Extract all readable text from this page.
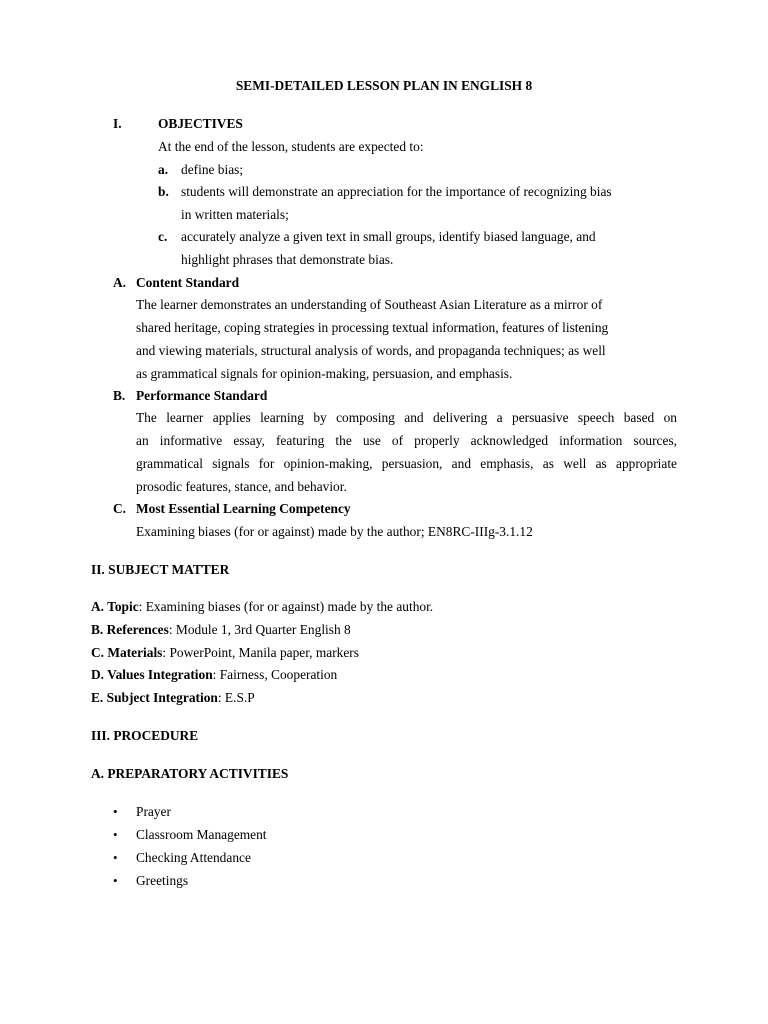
SEMI-DETAILED LESSON PLAN IN ENGLISH 8
I.	OBJECTIVES
At the end of the lesson, students are expected to:
a. define bias;
b. students will demonstrate an appreciation for the importance of recognizing bias
in written materials;
c. accurately analyze a given text in small groups, identify biased language, and
highlight phrases that demonstrate bias.
A. Content Standard
The learner demonstrates an understanding of Southeast Asian Literature as a mirror of
shared heritage, coping strategies in processing textual information, features of listening
and viewing materials, structural analysis of words, and propaganda techniques; as well
as grammatical signals for opinion-making, persuasion, and emphasis.
B. Performance Standard
The learner applies learning by composing and delivering a persuasive speech based on
an informative essay, featuring the use of properly acknowledged information sources,
grammatical signals for opinion-making, persuasion, and emphasis, as well as appropriate
prosodic features, stance, and behavior.
C. Most Essential Learning Competency
Examining biases (for or against) made by the author; EN8RC-IIIg-3.1.12
II. SUBJECT MATTER
A. Topic: Examining biases (for or against) made by the author.
B. References: Module 1, 3rd Quarter English 8
C. Materials: PowerPoint, Manila paper, markers
D. Values Integration: Fairness, Cooperation
E. Subject Integration: E.S.P
III. PROCEDURE
A. PREPARATORY ACTIVITIES
• Prayer
• Classroom Management
• Checking Attendance
• Greetings
